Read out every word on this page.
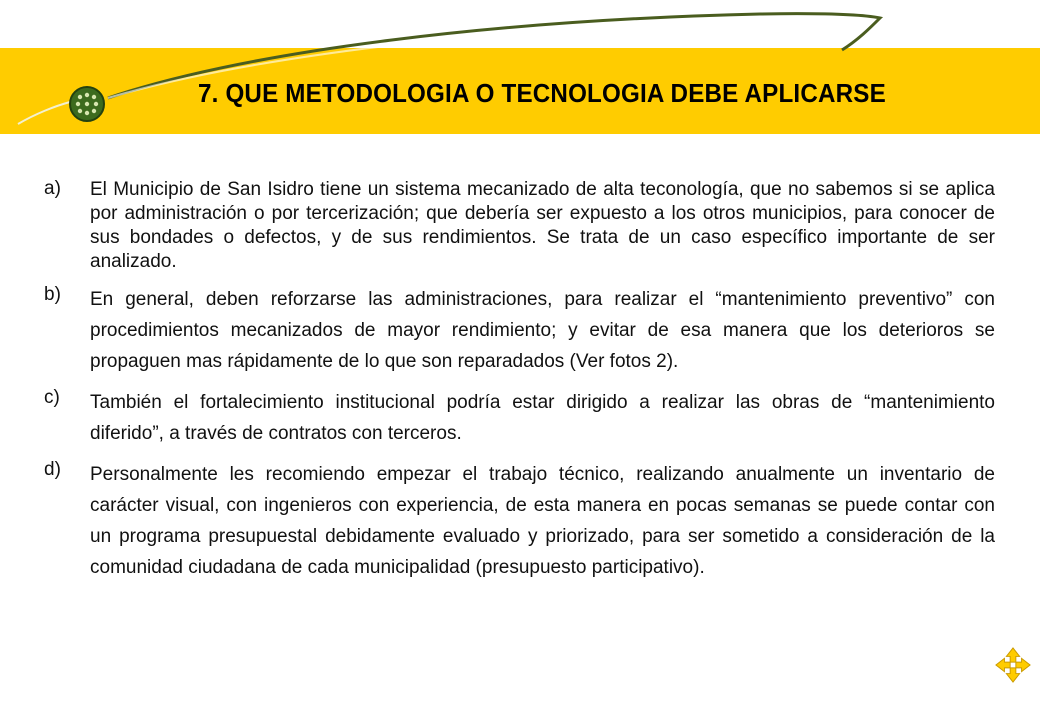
7. QUE METODOLOGIA O TECNOLOGIA DEBE APLICARSE
a)	El Municipio de San Isidro tiene un sistema mecanizado de alta teconología, que no sabemos si se aplica por administración o por tercerización; que debería ser expuesto a los otros municipios, para conocer de sus bondades o defectos, y de sus rendimientos. Se trata de un caso específico importante de ser analizado.
b)	En general, deben reforzarse las administraciones, para realizar el “mantenimiento preventivo” con procedimientos mecanizados de mayor rendimiento; y evitar de esa manera que los deterioros se propaguen mas rápidamente de lo que son reparadados (Ver fotos 2).
c)	También el fortalecimiento institucional podría estar dirigido a realizar las obras de “mantenimiento diferido”, a través de contratos con terceros.
d)	Personalmente les recomiendo empezar el trabajo técnico, realizando anualmente un inventario de carácter visual, con ingenieros con experiencia, de esta manera en pocas semanas se puede contar con un programa presupuestal debidamente evaluado y priorizado, para ser sometido a consideración de la comunidad ciudadana de cada municipalidad (presupuesto participativo).
